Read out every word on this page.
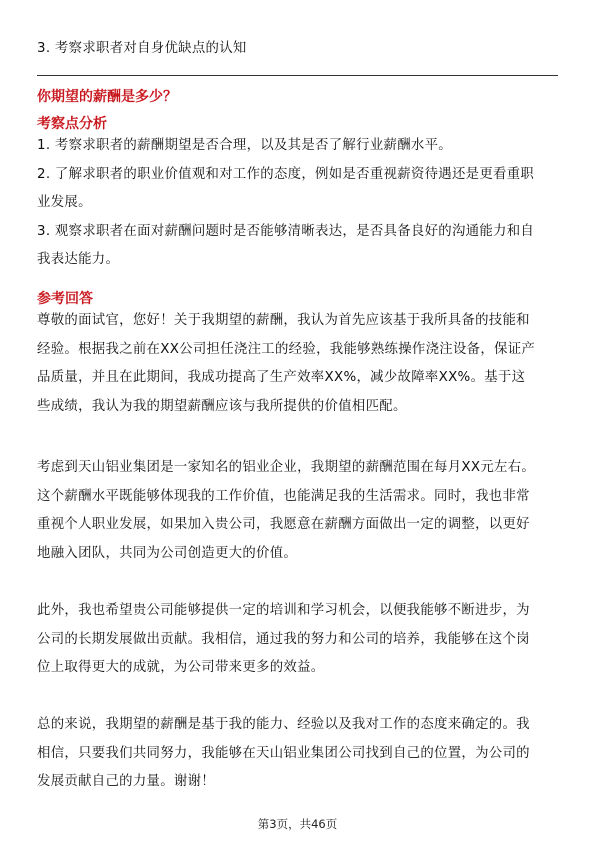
3. 考察求职者对自身优缺点的认知
你期望的薪酬是多少？
考察点分析
1. 考察求职者的薪酬期望是否合理，以及其是否了解行业薪酬水平。
2. 了解求职者的职业价值观和对工作的态度，例如是否重视薪资待遇还是更看重职
业发展。
3. 观察求职者在面对薪酬问题时是否能够清晰表达，是否具备良好的沟通能力和自
我表达能力。
参考回答
尊敬的面试官，您好！关于我期望的薪酬，我认为首先应该基于我所具备的技能和
经验。根据我之前在XX公司担任浇注工的经验，我能够熟练操作浇注设备，保证产
品质量，并且在此期间，我成功提高了生产效率XX%，减少故障率XX%。基于这
些成绩，我认为我的期望薪酬应该与我所提供的价值相匹配。
考虑到天山铝业集团是一家知名的铝业企业，我期望的薪酬范围在每月XX元左右。
这个薪酬水平既能够体现我的工作价值，也能满足我的生活需求。同时，我也非常
重视个人职业发展，如果加入贵公司，我愿意在薪酬方面做出一定的调整，以更好
地融入团队，共同为公司创造更大的价值。
此外，我也希望贵公司能够提供一定的培训和学习机会，以便我能够不断进步，为
公司的长期发展做出贡献。我相信，通过我的努力和公司的培养，我能够在这个岗
位上取得更大的成就，为公司带来更多的效益。
总的来说，我期望的薪酬是基于我的能力、经验以及我对工作的态度来确定的。我
相信，只要我们共同努力，我能够在天山铝业集团公司找到自己的位置，为公司的
发展贡献自己的力量。谢谢！
第3页，共46页
